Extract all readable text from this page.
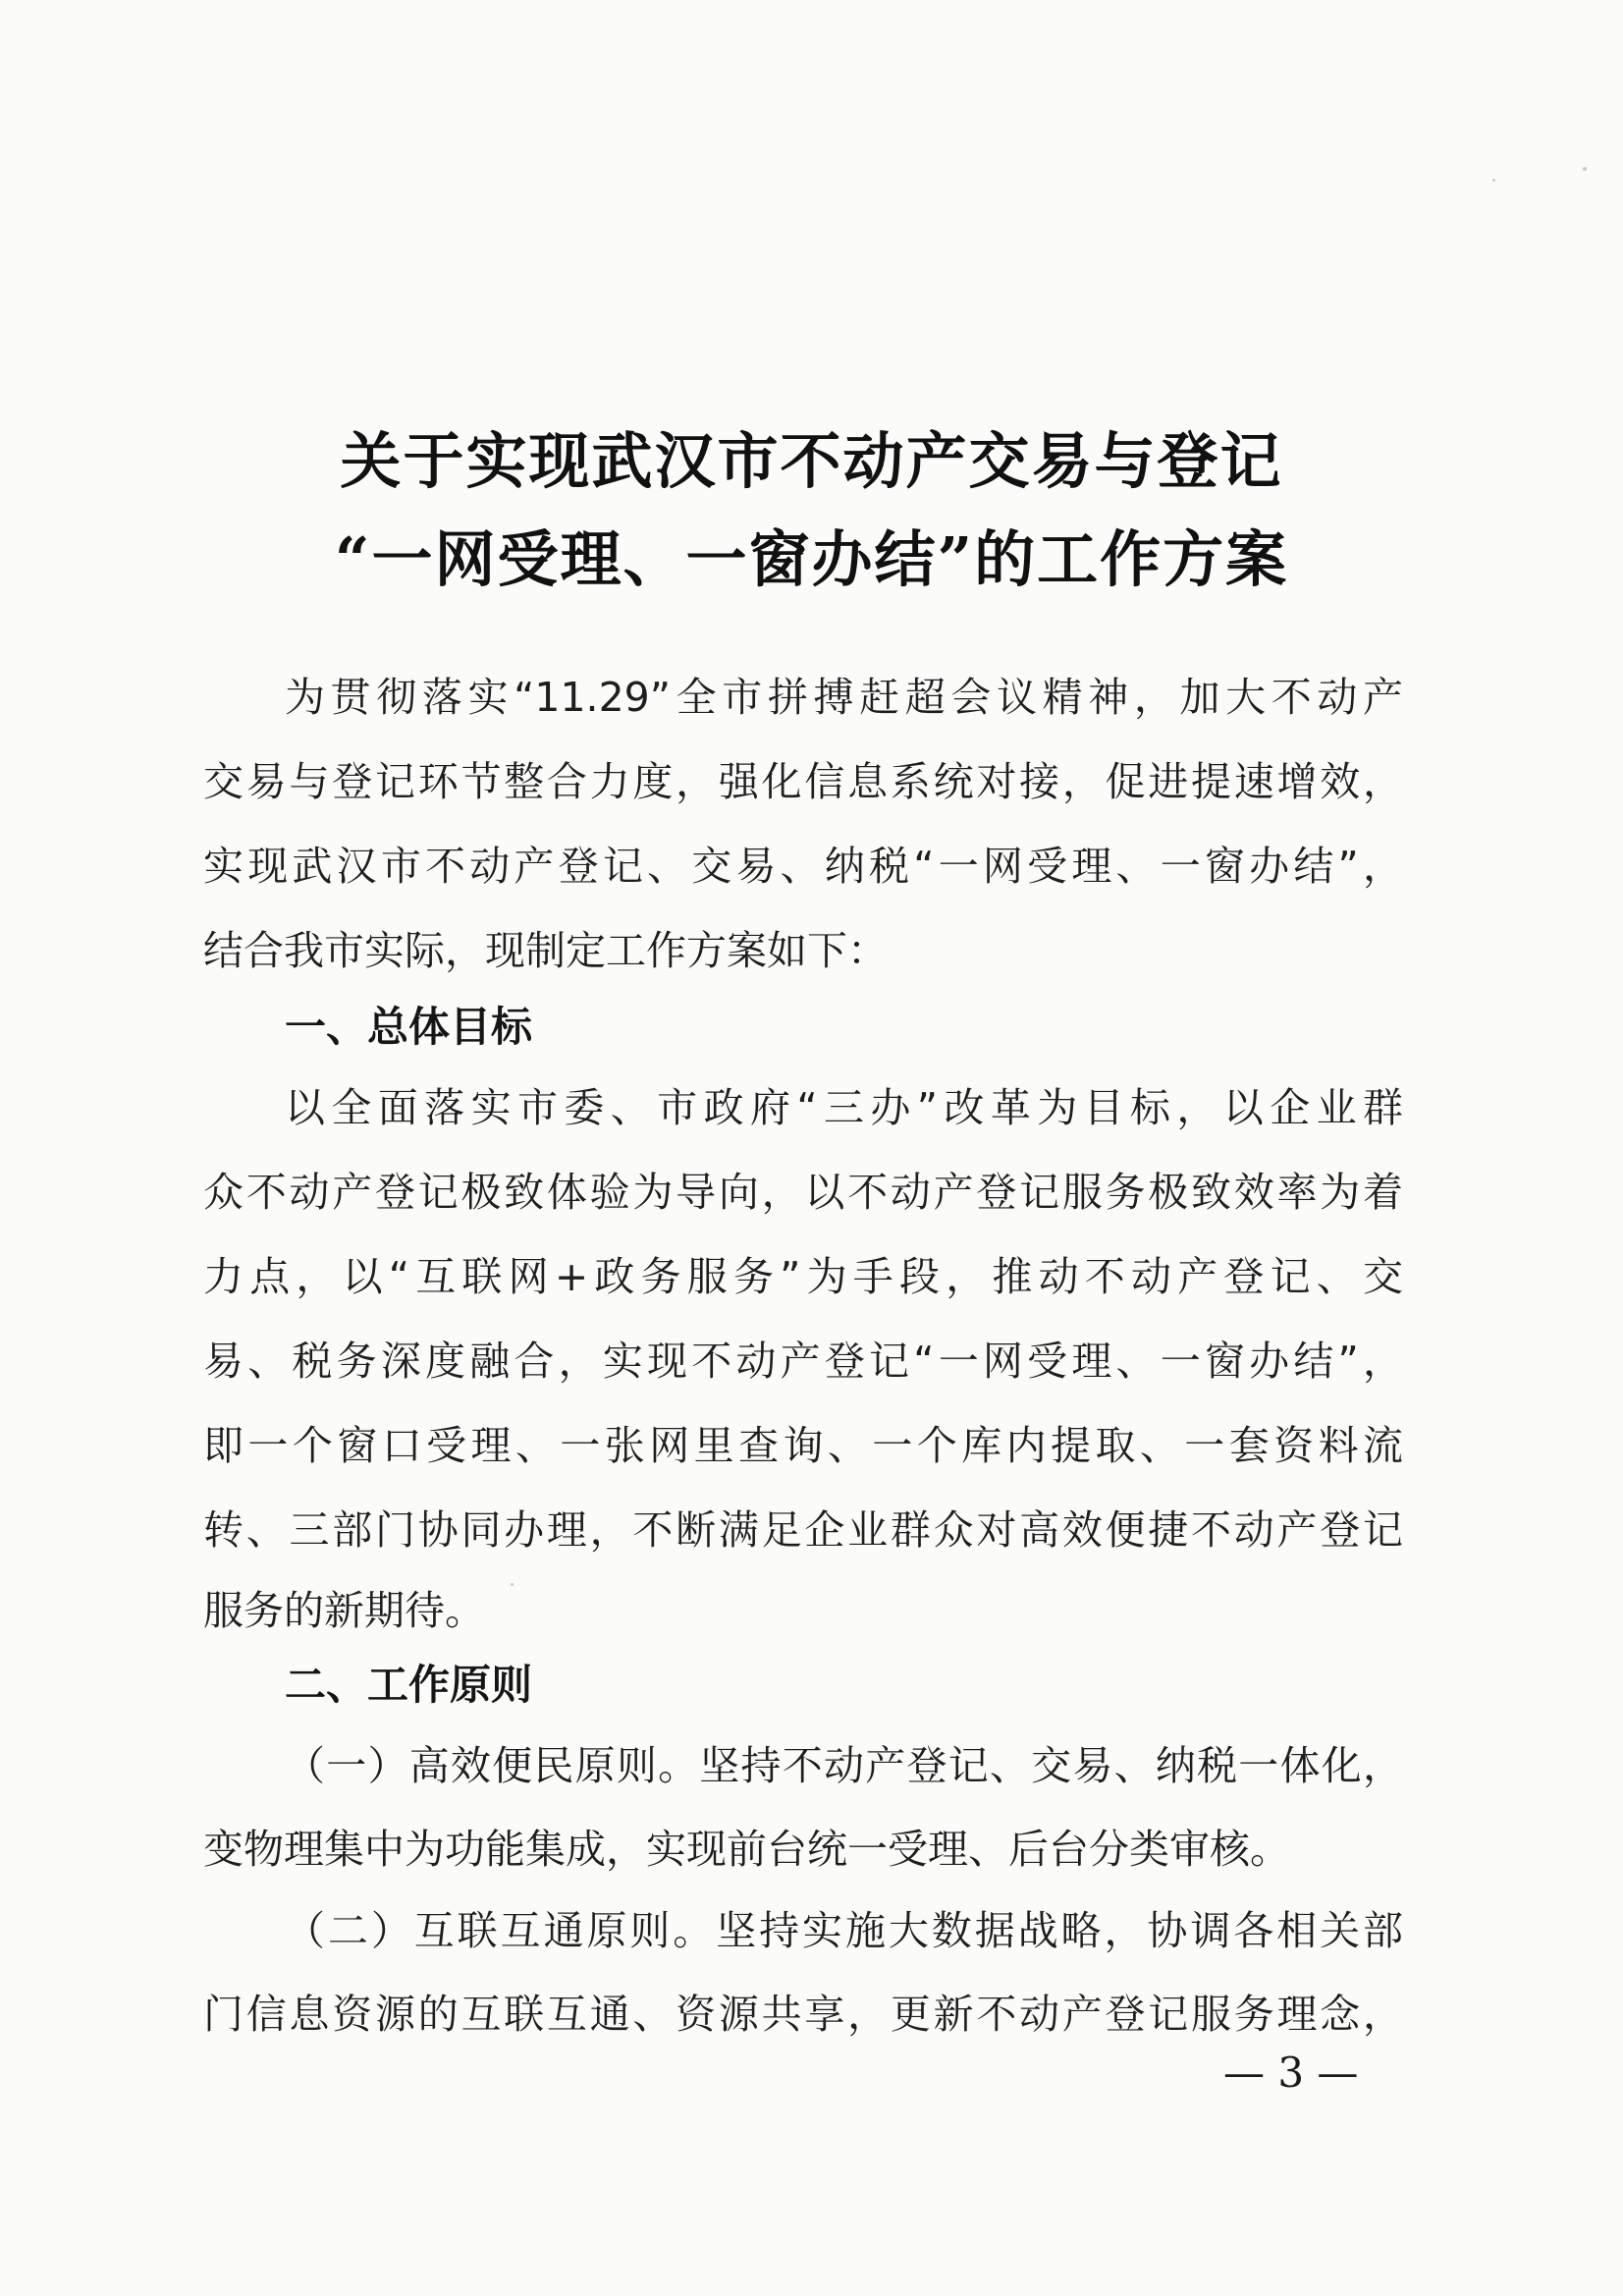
关于实现武汉市不动产交易与登记
“一网受理、一窗办结”的工作方案
为贯彻落实“11.29”全市拼搏赶超会议精神，加大不动产
交易与登记环节整合力度，强化信息系统对接，促进提速增效，
实现武汉市不动产登记、交易、纳税“一网受理、一窗办结”，
结合我市实际，现制定工作方案如下：
一、总体目标
以全面落实市委、市政府“三办”改革为目标，以企业群
众不动产登记极致体验为导向，以不动产登记服务极致效率为着
力点，以“互联网+政务服务”为手段，推动不动产登记、交
易、税务深度融合，实现不动产登记“一网受理、一窗办结”，
即一个窗口受理、一张网里查询、一个库内提取、一套资料流
转、三部门协同办理，不断满足企业群众对高效便捷不动产登记
服务的新期待。
二、工作原则
（一）高效便民原则。坚持不动产登记、交易、纳税一体化，
变物理集中为功能集成，实现前台统一受理、后台分类审核。
（二）互联互通原则。坚持实施大数据战略，协调各相关部
门信息资源的互联互通、资源共享，更新不动产登记服务理念，
— 3 —
